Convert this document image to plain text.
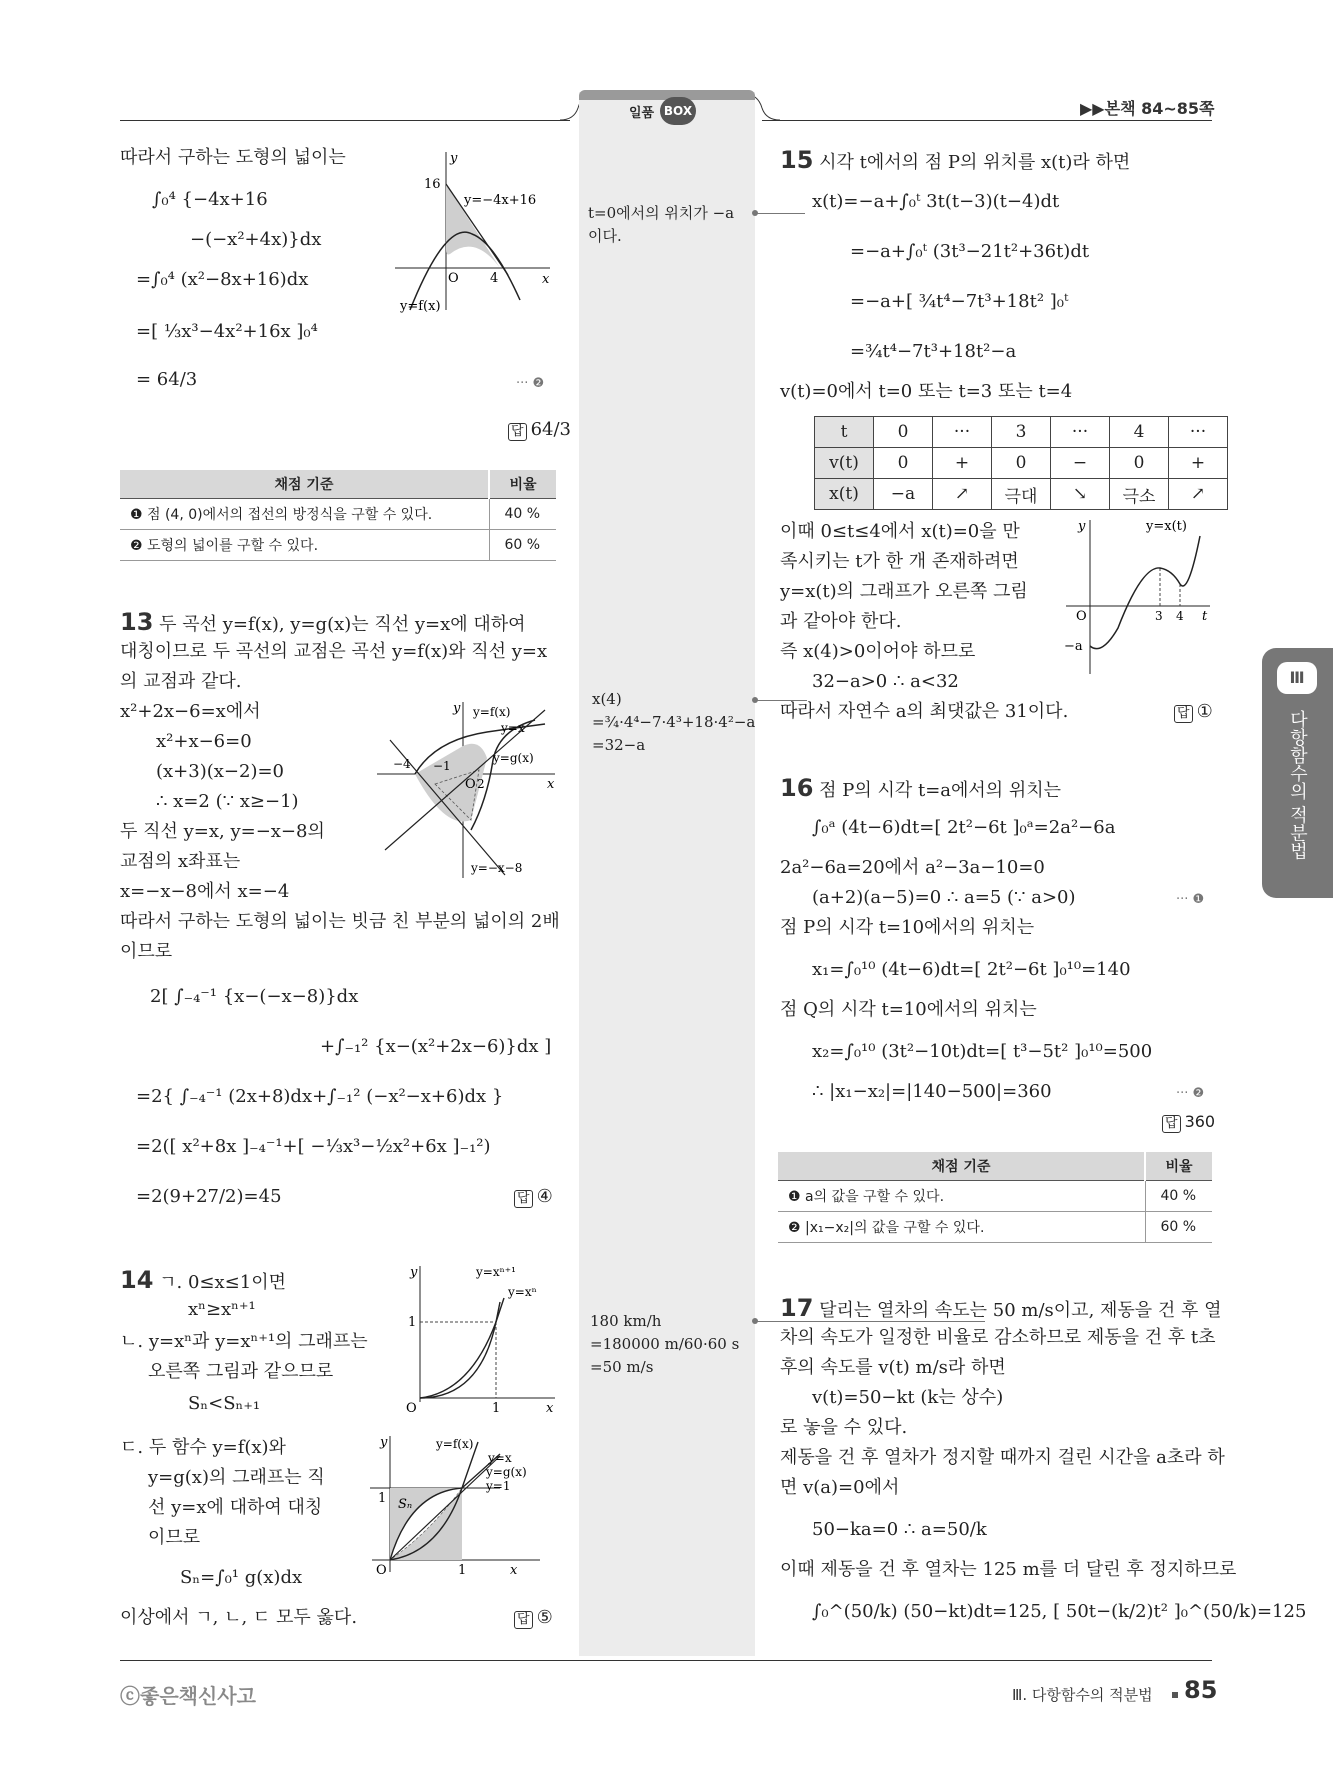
일품 BOX	▶▶본책 84~85쪽
따라서 구하는 도형의 넓이는
∫₀⁴ {−4x+16
−(−x²+4x)}dx
=∫₀⁴ (x²−8x+16)dx
=[ ⅓x³−4x²+16x ]₀⁴
= 64/3	··· ❷
답 64/3
y
x
O
16
4
y=−4x+16
y=f(x)
채점 기준	비율
❶ 점 (4, 0)에서의 접선의 방정식을 구할 수 있다.	40 %
❷ 도형의 넓이를 구할 수 있다.	60 %
13 두 곡선 y=f(x), y=g(x)는 직선 y=x에 대하여
대칭이므로 두 곡선의 교점은 곡선 y=f(x)와 직선 y=x
의 교점과 같다.
x²+2x−6=x에서
x²+x−6=0
(x+3)(x−2)=0
∴ x=2 (∵ x≥−1)
두 직선 y=x, y=−x−8의
교점의 x좌표는
x=−x−8에서 x=−4
따라서 구하는 도형의 넓이는 빗금 친 부분의 넓이의 2배
이므로
2[ ∫₋₄⁻¹ {x−(−x−8)}dx
+∫₋₁² {x−(x²+2x−6)}dx ]
=2{ ∫₋₄⁻¹ (2x+8)dx+∫₋₁² (−x²−x+6)dx }
=2([ x²+8x ]₋₄⁻¹+[ −⅓x³−½x²+6x ]₋₁²)
=2(9+27/2)=45	답 ④
y
x
O
−4 −1
2
y=f(x)
y=x
y=g(x)
y=−x−8
14 ㄱ. 0≤x≤1이면
xⁿ≥xⁿ⁺¹
ㄴ. y=xⁿ과 y=xⁿ⁺¹의 그래프는
오른쪽 그림과 같으므로
Sₙ<Sₙ₊₁
ㄷ. 두 함수 y=f(x)와
y=g(x)의 그래프는 직
선 y=x에 대하여 대칭
이므로
Sₙ=∫₀¹ g(x)dx
이상에서 ㄱ, ㄴ, ㄷ 모두 옳다.	답 ⑤
y
x
O	1
1
y=xⁿ⁺¹
y=xⁿ
y
x
O	1
1 Sₙ
y=f(x)
y=x
y=g(x)
y=1
t=0에서의 위치가 −a
이다.
x(4)
=¾·4⁴−7·4³+18·4²−a
=32−a
180 km/h
=180000 m/60·60 s
=50 m/s
15 시각 t에서의 점 P의 위치를 x(t)라 하면
x(t)=−a+∫₀ᵗ 3t(t−3)(t−4)dt
=−a+∫₀ᵗ (3t³−21t²+36t)dt
=−a+[ ¾t⁴−7t³+18t² ]₀ᵗ
=¾t⁴−7t³+18t²−a
v(t)=0에서 t=0 또는 t=3 또는 t=4
t	0	···	3	···	4	···
v(t)	0	+	0	−	0	+
x(t)	−a	↗	극대	↘	극소	↗
이때 0≤t≤4에서 x(t)=0을 만
족시키는 t가 한 개 존재하려면
y=x(t)의 그래프가 오른쪽 그림
과 같아야 한다.
즉 x(4)>0이어야 하므로
32−a>0 ∴ a<32
따라서 자연수 a의 최댓값은 31이다.	답 ①
y
t
O	3 4
−a
y=x(t)
16 점 P의 시각 t=a에서의 위치는
∫₀ᵃ (4t−6)dt=[ 2t²−6t ]₀ᵃ=2a²−6a
2a²−6a=20에서 a²−3a−10=0
(a+2)(a−5)=0 ∴ a=5 (∵ a>0)	··· ❶
점 P의 시각 t=10에서의 위치는
x₁=∫₀¹⁰ (4t−6)dt=[ 2t²−6t ]₀¹⁰=140
점 Q의 시각 t=10에서의 위치는
x₂=∫₀¹⁰ (3t²−10t)dt=[ t³−5t² ]₀¹⁰=500
∴ |x₁−x₂|=|140−500|=360	··· ❷
답 360
채점 기준	비율
❶ a의 값을 구할 수 있다.	40 %
❷ |x₁−x₂|의 값을 구할 수 있다.	60 %
17 달리는 열차의 속도는 50 m/s이고, 제동을 건 후 열
차의 속도가 일정한 비율로 감소하므로 제동을 건 후 t초
후의 속도를 v(t) m/s라 하면
v(t)=50−kt (k는 상수)
로 놓을 수 있다.
제동을 건 후 열차가 정지할 때까지 걸린 시간을 a초라 하
면 v(a)=0에서
50−ka=0 ∴ a=50/k
이때 제동을 건 후 열차는 125 m를 더 달린 후 정지하므로
∫₀^(50/k) (50−kt)dt=125, [ 50t−(k/2)t² ]₀^(50/k)=125
Ⅲ
다항함수의 적분법
ⓒ좋은책신사고	Ⅲ. 다항함수의 적분법 85
